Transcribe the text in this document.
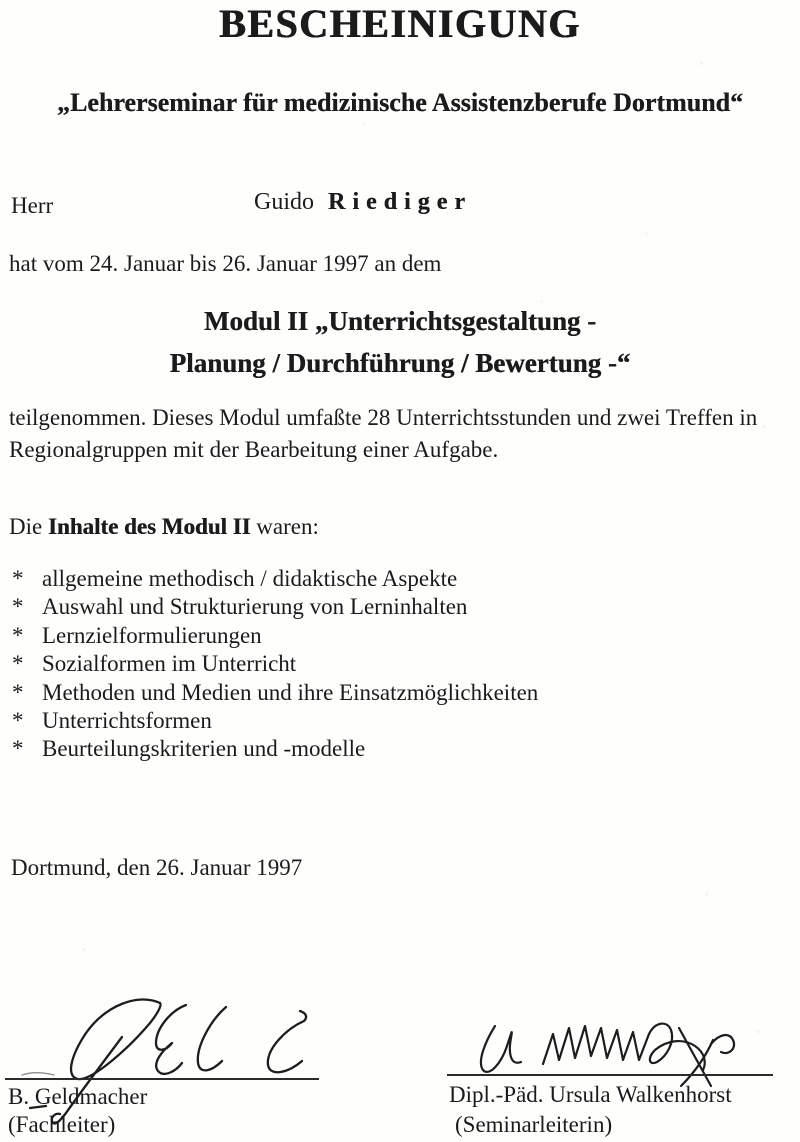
BESCHEINIGUNG
„Lehrerseminar für medizinische Assistenzberufe Dortmund“
Herr	Guido Riediger
hat vom 24. Januar bis 26. Januar 1997 an dem
Modul II „Unterrichtsgestaltung -
Planung / Durchführung / Bewertung -“
teilgenommen. Dieses Modul umfaßte 28 Unterrichtsstunden und zwei Treffen in
Regionalgruppen mit der Bearbeitung einer Aufgabe.
Die Inhalte des Modul II waren:
* allgemeine methodisch / didaktische Aspekte
* Auswahl und Strukturierung von Lerninhalten
* Lernzielformulierungen
* Sozialformen im Unterricht
* Methoden und Medien und ihre Einsatzmöglichkeiten
* Unterrichtsformen
* Beurteilungskriterien und -modelle
Dortmund, den 26. Januar 1997
B. Geldmacher
(Fachleiter)
Dipl.-Päd. Ursula Walkenhorst
(Seminarleiterin)
